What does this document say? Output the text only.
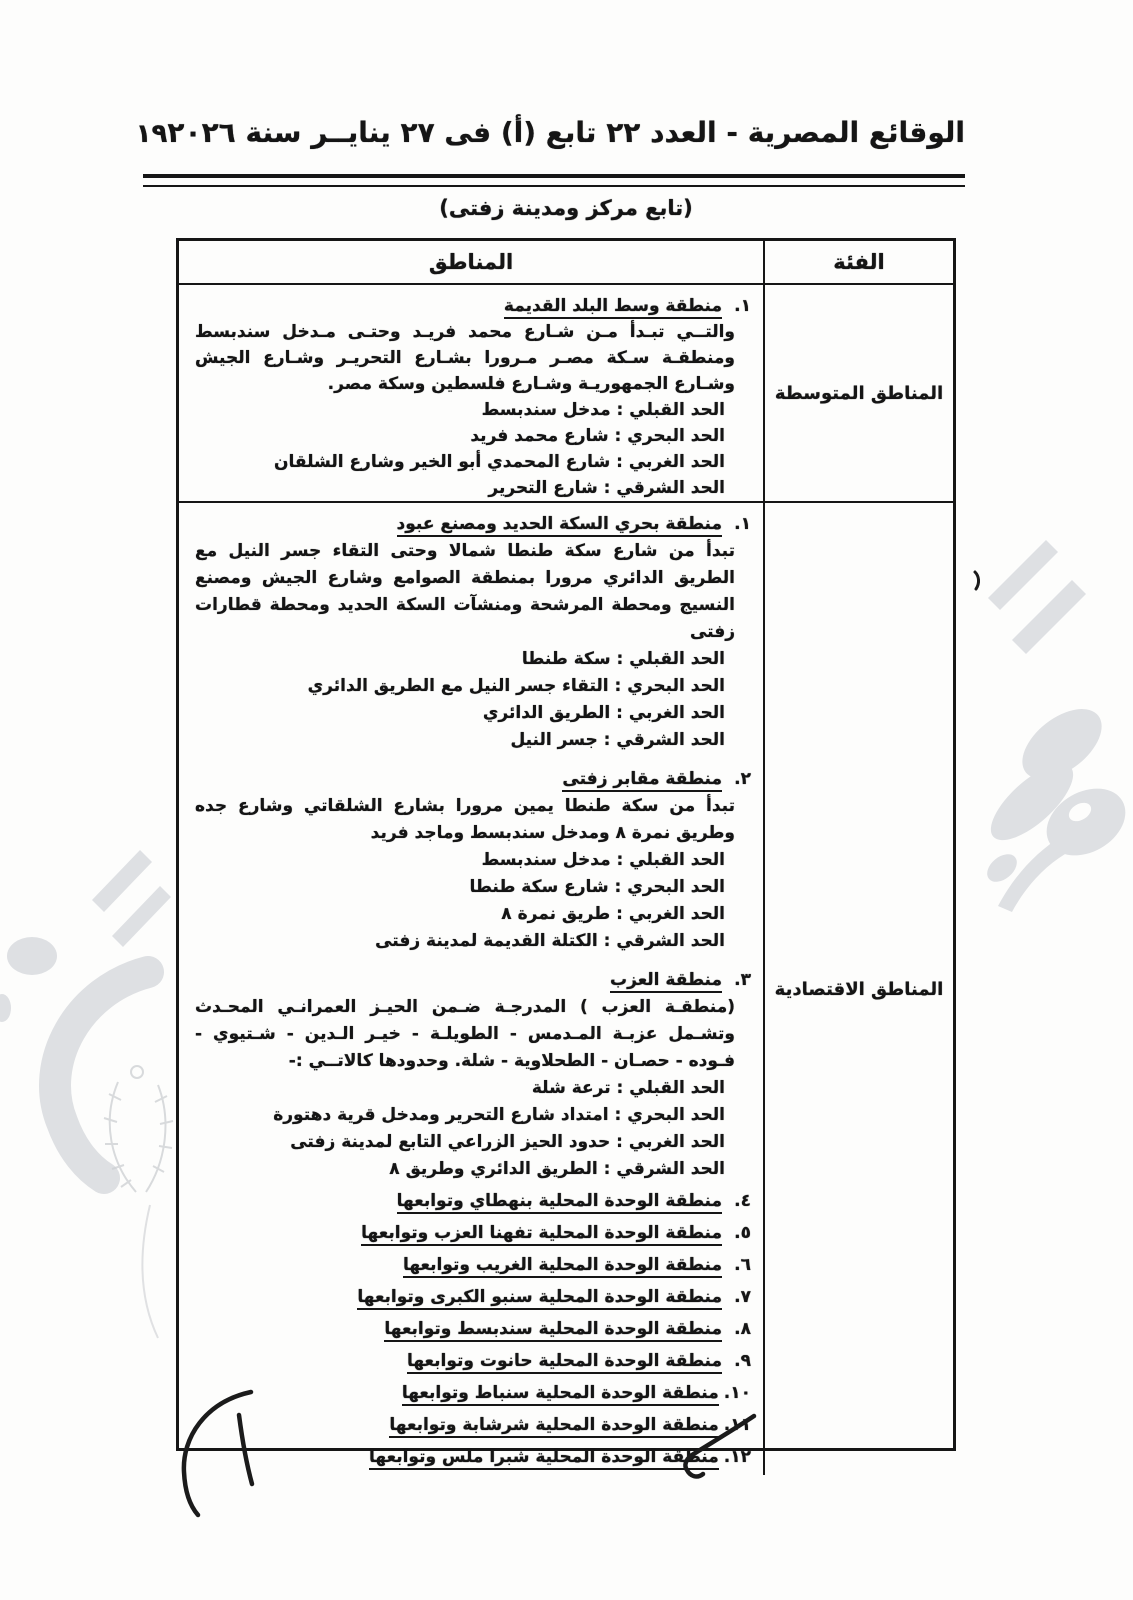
الوقائع المصرية - العدد ٢٢ تابع (أ) فى ٢٧ ينايــر سنة ٢٠٢٦
١٩
(تابع مركز ومدينة زفتى)
الفئة
المناطق
المناطق المتوسطة
١.منطقة وسط البلد القديمة
والتــي تبـدأ مـن شـارع محمد فريـد وحتـى مـدخل سندبسط ومنطقـة سـكة مصـر مـرورا بشـارع التحريـر وشـارع الجيش وشـارع الجمهوريـة وشـارع فلسطين وسكة مصر.
الحد القبلي : مدخل سندبسط
الحد البحري : شارع محمد فريد
الحد الغربي : شارع المحمدي أبو الخير وشارع الشلقان
الحد الشرقي : شارع التحرير
المناطق الاقتصادية
١.منطقة بحري السكة الحديد ومصنع عبود
تبدأ من شارع سكة طنطا شمالا وحتى التقاء جسر النيل مع الطريق الدائري مرورا بمنطقة الصوامع وشارع الجيش ومصنع النسيج ومحطة المرشحة ومنشآت السكة الحديد ومحطة قطارات زفتى
الحد القبلي : سكة طنطا
الحد البحري : التقاء جسر النيل مع الطريق الدائري
الحد الغربي : الطريق الدائري
الحد الشرقي : جسر النيل
٢.منطقة مقابر زفتى
تبدأ من سكة طنطا يمين مرورا بشارع الشلقاتي وشارع جده وطريق نمرة ٨ ومدخل سندبسط وماجد فريد
الحد القبلي : مدخل سندبسط
الحد البحري : شارع سكة طنطا
الحد الغربي : طريق نمرة ٨
الحد الشرقي : الكتلة القديمة لمدينة زفتى
٣.منطقة العزب
(منطقـة العزب ) المدرجـة ضـمن الحيـز العمرانـي المحـدث وتشـمل عزبـة المـدمس - الطويلـة - خيـر الـدين - شـتيوي - فـوده - حصـان - الطحلاوية - شلة. وحدودها كالاتــي :-
الحد القبلي : ترعة شلة
الحد البحري : امتداد شارع التحرير ومدخل قرية دهتورة
الحد الغربي : حدود الحيز الزراعي التابع لمدينة زفتى
الحد الشرقي : الطريق الدائري وطريق ٨
٤.منطقة الوحدة المحلية بنهطاي وتوابعها
٥.منطقة الوحدة المحلية تفهنا العزب وتوابعها
٦.منطقة الوحدة المحلية الغريب وتوابعها
٧.منطقة الوحدة المحلية سنبو الكبرى وتوابعها
٨.منطقة الوحدة المحلية سندبسط وتوابعها
٩.منطقة الوحدة المحلية حانوت وتوابعها
١٠.منطقة الوحدة المحلية سنباط وتوابعها
١١.منطقة الوحدة المحلية شرشابة وتوابعها
١٢.منطقة الوحدة المحلية شبرا ملس وتوابعها
